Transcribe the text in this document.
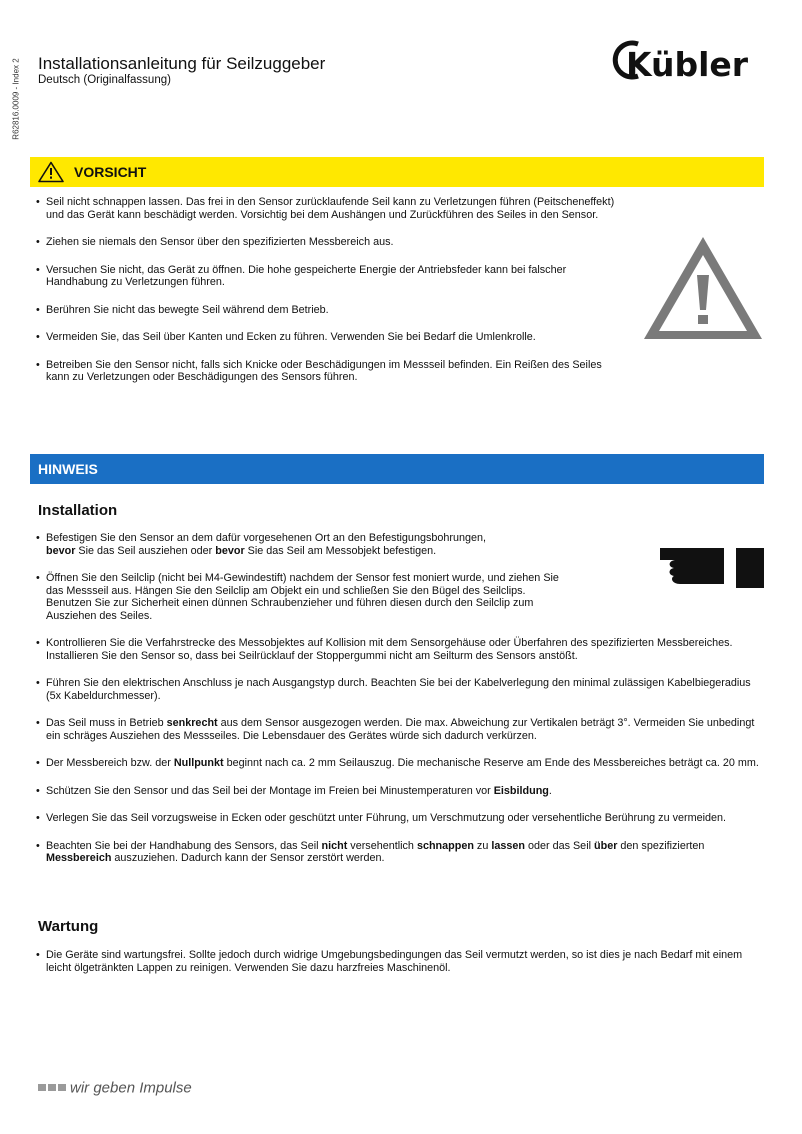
R62816.0009 - Index 2 Installationsanleitung für Seilzuggeber
Deutsch (Originalfassung)	Kübler
VORSICHT
• Seil nicht schnappen lassen. Das frei in den Sensor zurücklaufende Seil kann zu Verletzungen führen (Peitscheneffekt) und das Gerät kann beschädigt werden. Vorsichtig bei dem Aushängen und Zurückführen des Seiles in den Sensor.
• Ziehen sie niemals den Sensor über den spezifizierten Messbereich aus.
• Versuchen Sie nicht, das Gerät zu öffnen. Die hohe gespeicherte Energie der Antriebsfeder kann bei falscher Handhabung zu Verletzungen führen.
• Berühren Sie nicht das bewegte Seil während dem Betrieb.
• Vermeiden Sie, das Seil über Kanten und Ecken zu führen. Verwenden Sie bei Bedarf die Umlenkrolle.
• Betreiben Sie den Sensor nicht, falls sich Knicke oder Beschädigungen im Messseil befinden. Ein Reißen des Seiles kann zu Verletzungen oder Beschädigungen des Sensors führen.
HINWEIS
Installation
• Befestigen Sie den Sensor an dem dafür vorgesehenen Ort an den Befestigungsbohrungen,
bevor Sie das Seil ausziehen oder bevor Sie das Seil am Messobjekt befestigen.
• Öffnen Sie den Seilclip (nicht bei M4-Gewindestift) nachdem der Sensor fest moniert wurde, und ziehen Sie das Messseil aus. Hängen Sie den Seilclip am Objekt ein und schließen Sie den Bügel des Seilclips. Benutzen Sie zur Sicherheit einen dünnen Schraubenzieher und führen diesen durch den Seilclip zum Ausziehen des Seiles.
• Kontrollieren Sie die Verfahrstrecke des Messobjektes auf Kollision mit dem Sensorgehäuse oder Überfahren des spezifizierten Messbereiches. Installieren Sie den Sensor so, dass bei Seilrücklauf der Stoppergummi nicht am Seilturm des Sensors anstößt.
• Führen Sie den elektrischen Anschluss je nach Ausgangstyp durch. Beachten Sie bei der Kabelverlegung den minimal zulässigen Kabelbiegeradius (5x Kabeldurchmesser).
• Das Seil muss in Betrieb senkrecht aus dem Sensor ausgezogen werden. Die max. Abweichung zur Vertikalen beträgt 3°. Vermeiden Sie unbedingt ein schräges Ausziehen des Messseiles. Die Lebensdauer des Gerätes würde sich dadurch verkürzen.
• Der Messbereich bzw. der Nullpunkt beginnt nach ca. 2 mm Seilauszug. Die mechanische Reserve am Ende des Messbereiches beträgt ca. 20 mm.
• Schützen Sie den Sensor und das Seil bei der Montage im Freien bei Minustemperaturen vor Eisbildung.
• Verlegen Sie das Seil vorzugsweise in Ecken oder geschützt unter Führung, um Verschmutzung oder versehentliche Berührung zu vermeiden.
• Beachten Sie bei der Handhabung des Sensors, das Seil nicht versehentlich schnappen zu lassen oder das Seil über den spezifizierten Messbereich auszuziehen. Dadurch kann der Sensor zerstört werden.
Wartung
• Die Geräte sind wartungsfrei. Sollte jedoch durch widrige Umgebungsbedingungen das Seil vermutzt werden, so ist dies je nach Bedarf mit einem leicht ölgetränkten Lappen zu reinigen. Verwenden Sie dazu harzfreies Maschinenöl.
wir geben Impulse
